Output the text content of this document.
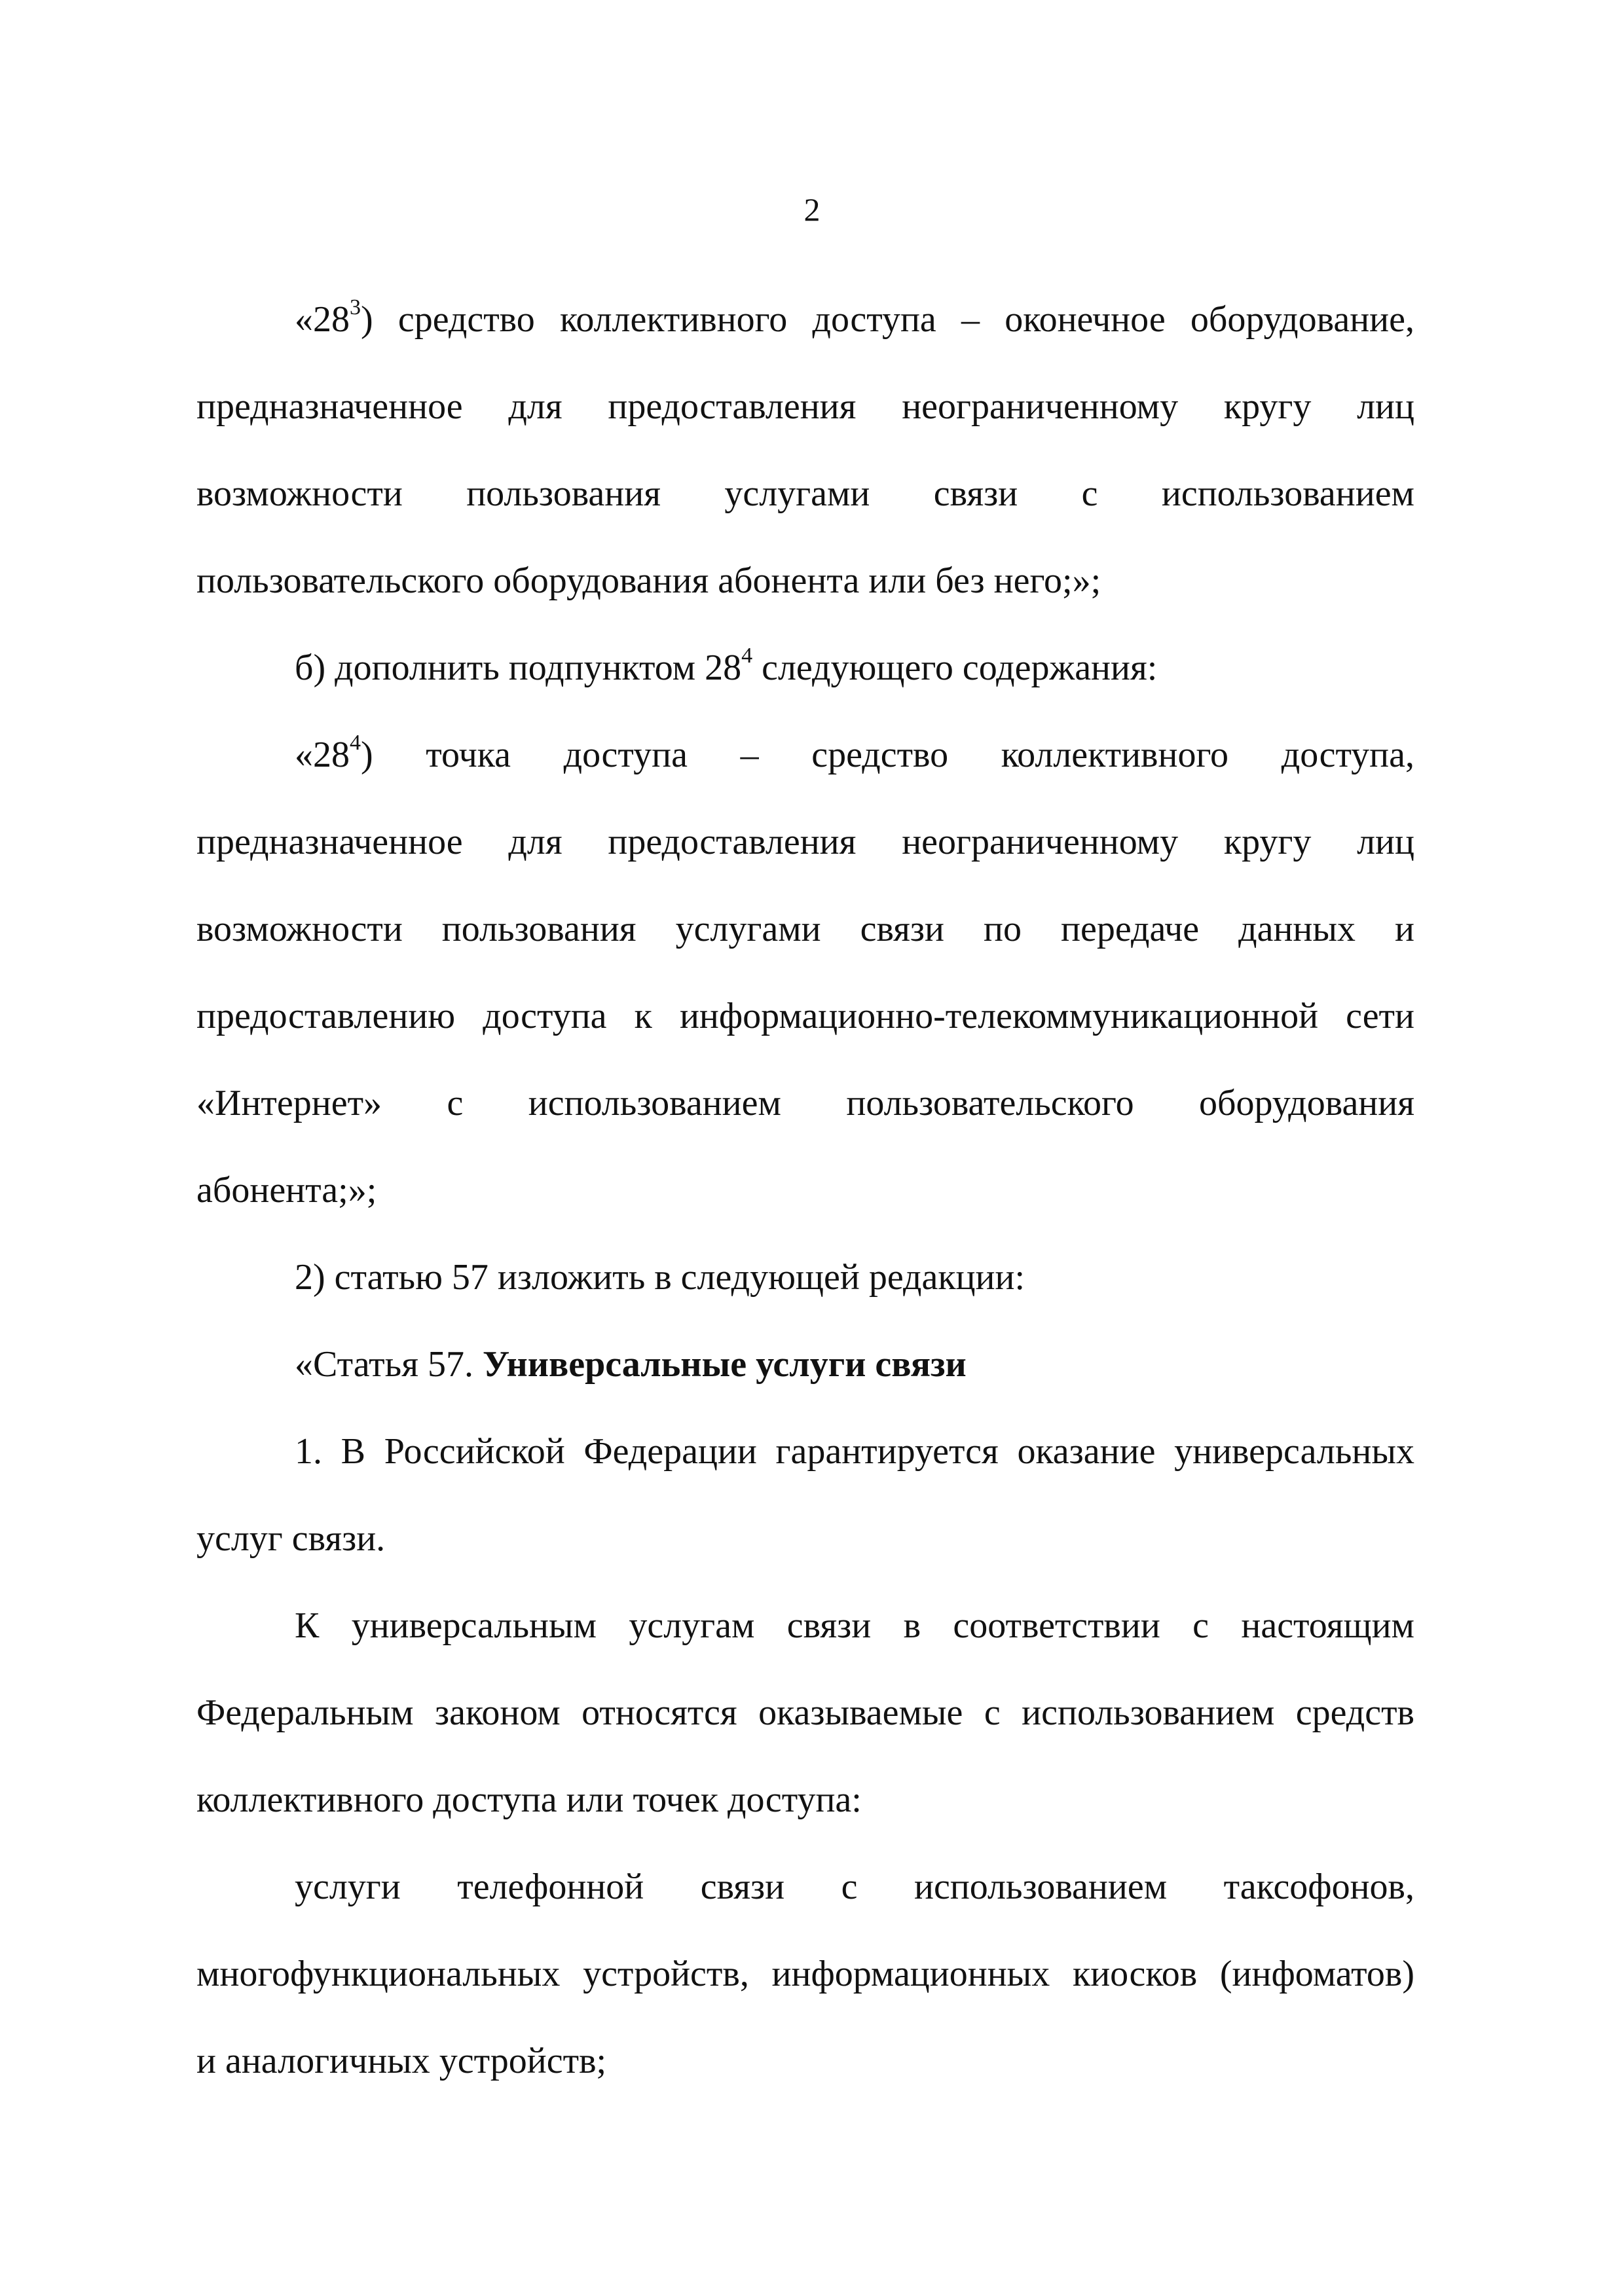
2
«$28^3$) средство коллективного доступа – оконечное оборудование,
предназначенное для предоставления неограниченному кругу лиц
возможности пользования услугами связи с использованием
пользовательского оборудования абонента или без него;»;
б) дополнить подпунктом $28^4$ следующего содержания:
«$28^4$) точка доступа – средство коллективного доступа,
предназначенное для предоставления неограниченному кругу лиц
возможности пользования услугами связи по передаче данных и
предоставлению доступа к информационно-телекоммуникационной сети
«Интернет» с использованием пользовательского оборудования
абонента;»;
2) статью 57 изложить в следующей редакции:
«Статья 57. Универсальные услуги связи
1. В Российской Федерации гарантируется оказание универсальных
услуг связи.
К универсальным услугам связи в соответствии с настоящим
Федеральным законом относятся оказываемые с использованием средств
коллективного доступа или точек доступа:
услуги телефонной связи с использованием таксофонов,
многофункциональных устройств, информационных киосков (инфоматов)
и аналогичных устройств;
